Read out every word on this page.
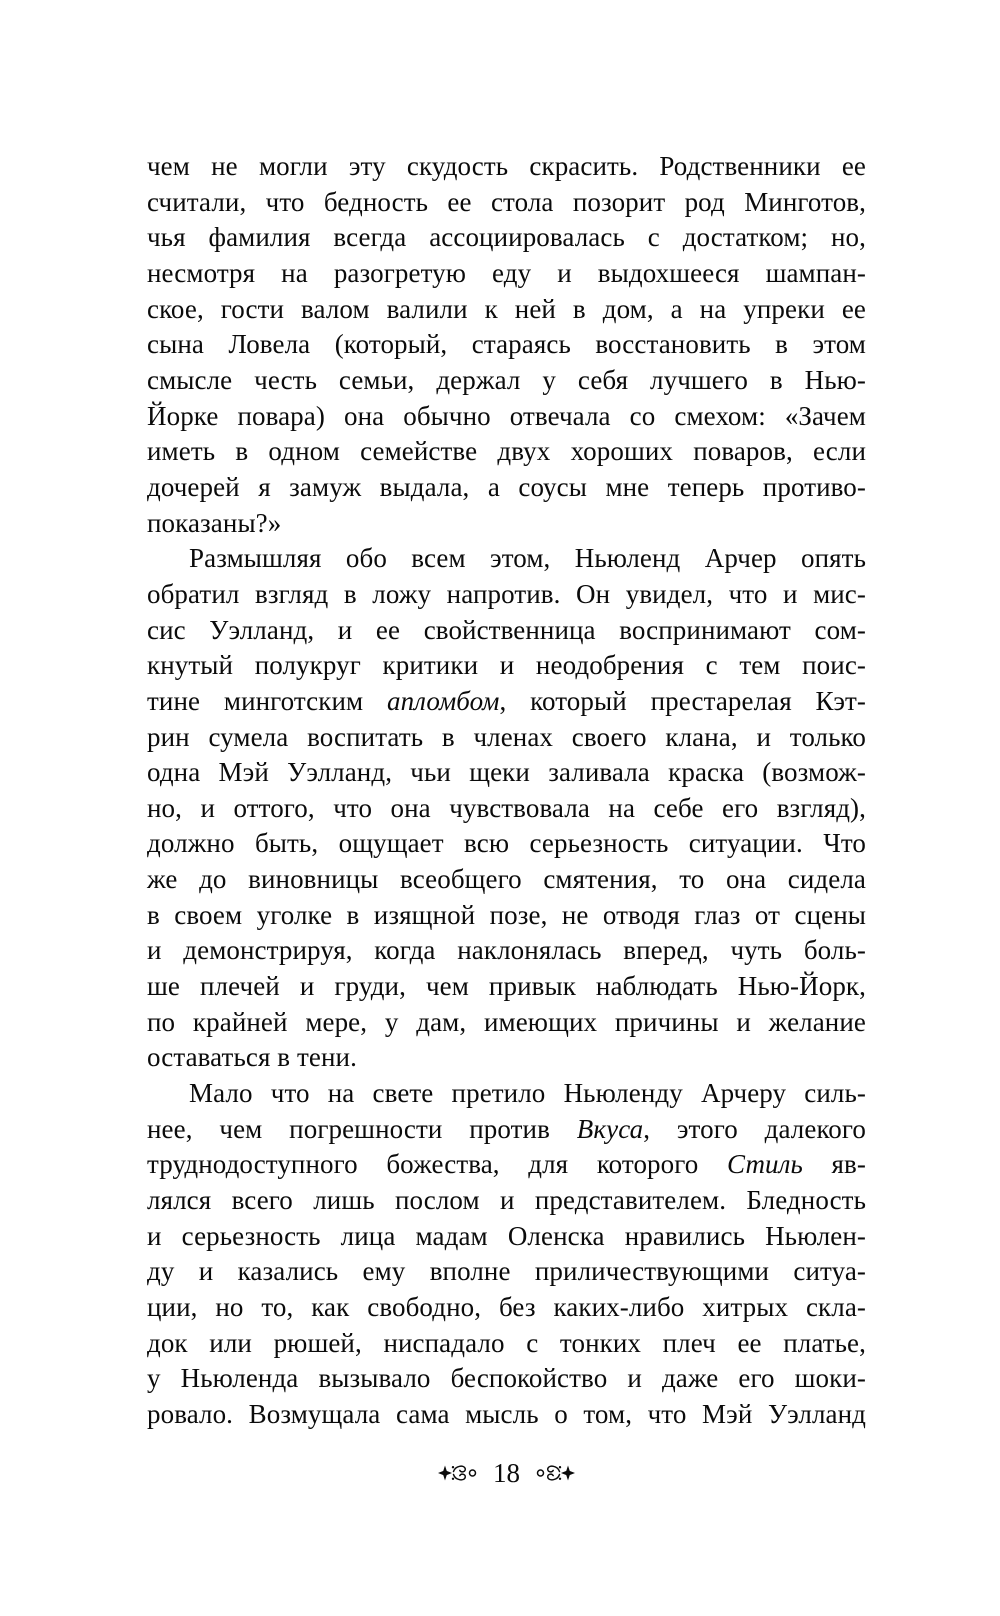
чем не могли эту скудость скрасить. Родственники ее
считали, что бедность ее стола позорит род Минготов,
чья фамилия всегда ассоциировалась с достатком; но,
несмотря на разогретую еду и выдохшееся шампан-
ское, гости валом валили к ней в дом, а на упреки ее
сына Ловела (который, стараясь восстановить в этом
смысле честь семьи, держал у себя лучшего в Нью-
Йорке повара) она обычно отвечала со смехом: «Зачем
иметь в одном семействе двух хороших поваров, если
дочерей я замуж выдала, а соусы мне теперь противо-
показаны?»
Размышляя обо всем этом, Ньюленд Арчер опять
обратил взгляд в ложу напротив. Он увидел, что и мис-
сис Уэлланд, и ее свойственница воспринимают сом-
кнутый полукруг критики и неодобрения с тем поис-
тине минготским апломбом, который престарелая Кэт-
рин сумела воспитать в членах своего клана, и только
одна Мэй Уэлланд, чьи щеки заливала краска (возмож-
но, и оттого, что она чувствовала на себе его взгляд),
должно быть, ощущает всю серьезность ситуации. Что
же до виновницы всеобщего смятения, то она сидела
в своем уголке в изящной позе, не отводя глаз от сцены
и демонстрируя, когда наклонялась вперед, чуть боль-
ше плечей и груди, чем привык наблюдать Нью-Йорк,
по крайней мере, у дам, имеющих причины и желание
оставаться в тени.
Мало что на свете претило Ньюленду Арчеру силь-
нее, чем погрешности против Вкуса, этого далекого
труднодоступного божества, для которого Стиль яв-
лялся всего лишь послом и представителем. Бледность
и серьезность лица мадам Оленска нравились Ньюлен-
ду и казались ему вполне приличествующими ситуа-
ции, но то, как свободно, без каких-либо хитрых скла-
док или рюшей, ниспадало с тонких плеч ее платье,
у Ньюленда вызывало беспокойство и даже его шоки-
ровало. Возмущала сама мысль о том, что Мэй Уэлланд
18
